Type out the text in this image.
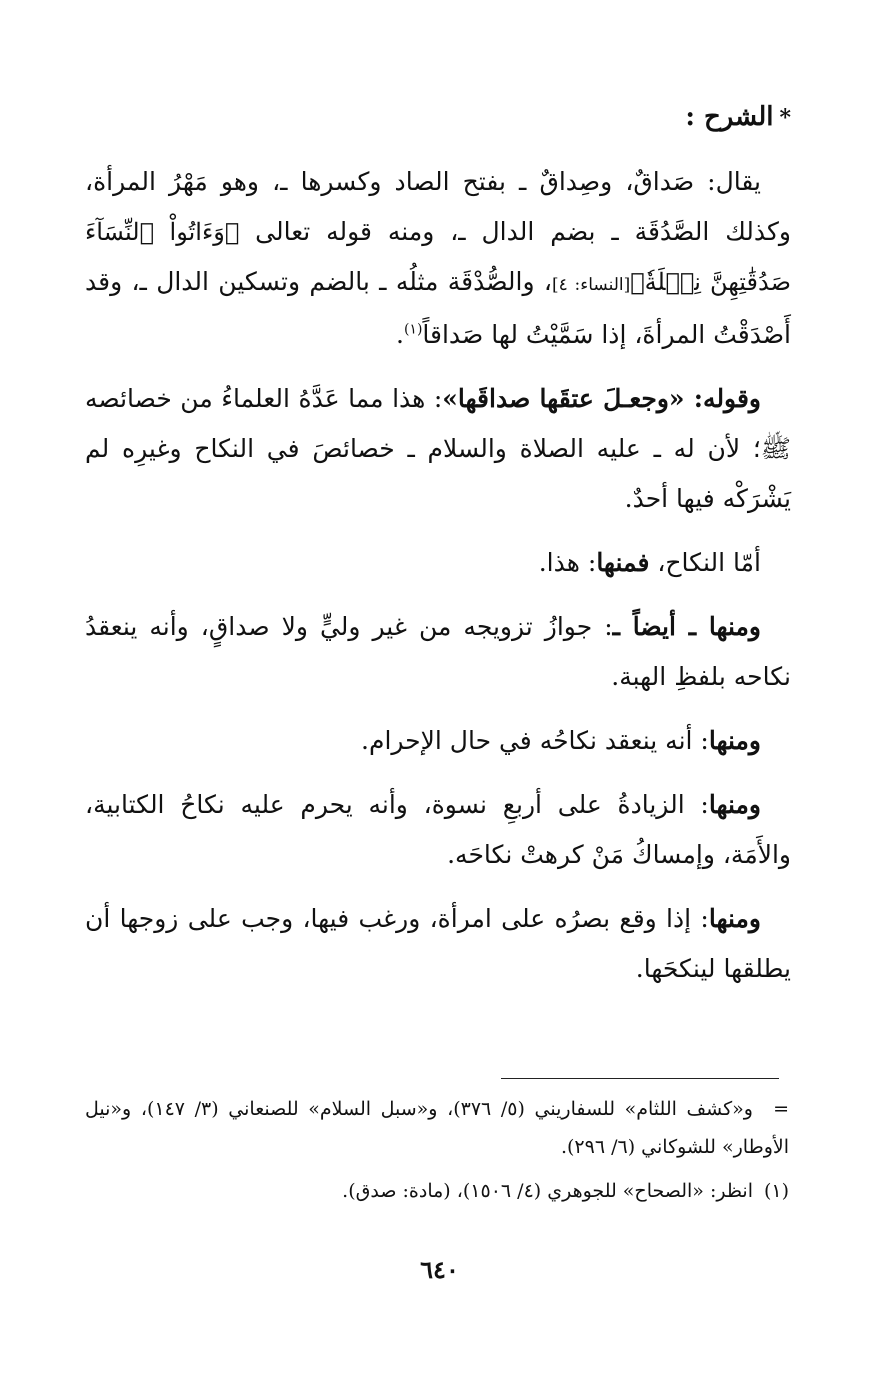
*الشرح :

يقال: صَداقٌ، وصِداقٌ ـ بفتح الصاد وكسرها ـ، وهو مَهْرُ المرأة، وكذلك الصَّدُقَة ـ بضم الدال ـ، ومنه قوله تعالى ﴿وَءَاتُواْ ٱلنِّسَآءَ صَدُقَٰتِهِنَّ نِحۡلَةٗ﴾[النساء: ٤]، والصُّدْقَة مثلُه ـ بالضم وتسكين الدال ـ، وقد أَصْدَقْتُ المرأةَ، إذا سَمَّيْتُ لها صَداقاً$^{(١)}$.

وقوله: «وجعـلَ عتقَها صداقَها»: هذا مما عَدَّهُ العلماءُ من خصائصه ﷺ؛ لأن له ـ عليه الصلاة والسلام ـ خصائصَ في النكاح وغيرِه لم يَشْرَكْه فيها أحدٌ.

أمّا النكاح، فمنها: هذا.

ومنها ـ أيضاً ـ: جوازُ تزويجه من غير وليٍّ ولا صداقٍ، وأنه ينعقدُ نكاحه بلفظِ الهبة.

ومنها: أنه ينعقد نكاحُه في حال الإحرام.

ومنها: الزيادةُ على أربعِ نسوة، وأنه يحرم عليه نكاحُ الكتابية، والأَمَة، وإمساكُ مَنْ كرهتْ نكاحَه.

ومنها: إذا وقع بصرُه على امرأة، ورغب فيها، وجب على زوجها أن يطلقها لينكحَها.

=و«كشف اللثام» للسفاريني (٥/ ٣٧٦)، و«سبل السلام» للصنعاني (٣/ ١٤٧)، و«نيل الأوطار» للشوكاني (٦/ ٢٩٦).

(١)انظر: «الصحاح» للجوهري (٤/ ١٥٠٦)، (مادة: صدق).

٦٤٠
